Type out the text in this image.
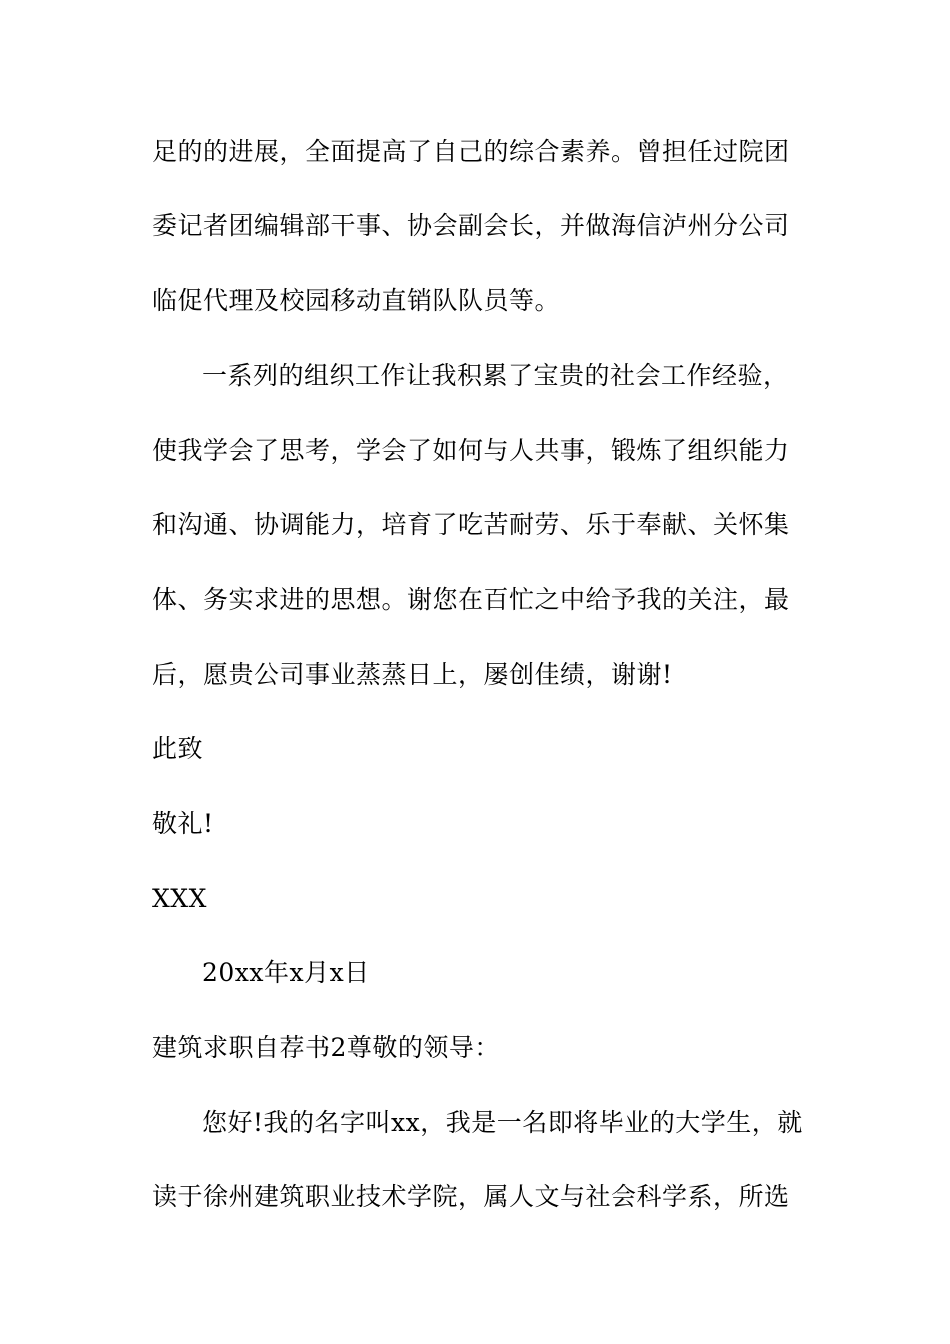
足的的进展，全面提高了自己的综合素养。曾担任过院团
委记者团编辑部干事、协会副会长，并做海信泸州分公司
临促代理及校园移动直销队队员等。
一系列的组织工作让我积累了宝贵的社会工作经验，
使我学会了思考，学会了如何与人共事，锻炼了组织能力
和沟通、协调能力，培育了吃苦耐劳、乐于奉献、关怀集
体、务实求进的思想。谢您在百忙之中给予我的关注，最
后，愿贵公司事业蒸蒸日上，屡创佳绩，谢谢!
此致
敬礼!
XXX
20xx年x月x日
建筑求职自荐书2尊敬的领导：
您好!我的名字叫xx，我是一名即将毕业的大学生，就
读于徐州建筑职业技术学院，属人文与社会科学系，所选
